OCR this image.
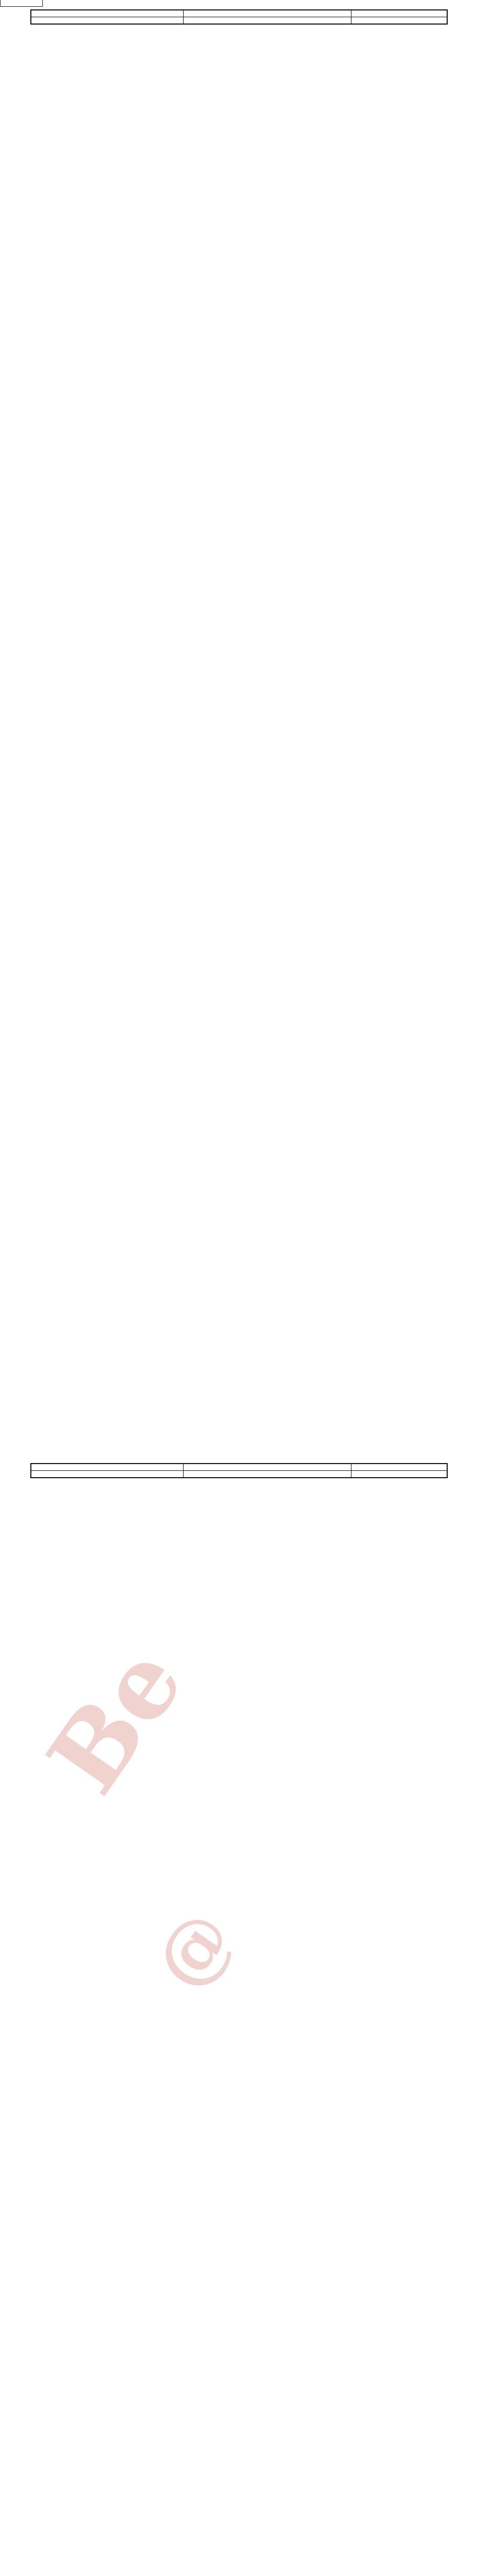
Be
@
